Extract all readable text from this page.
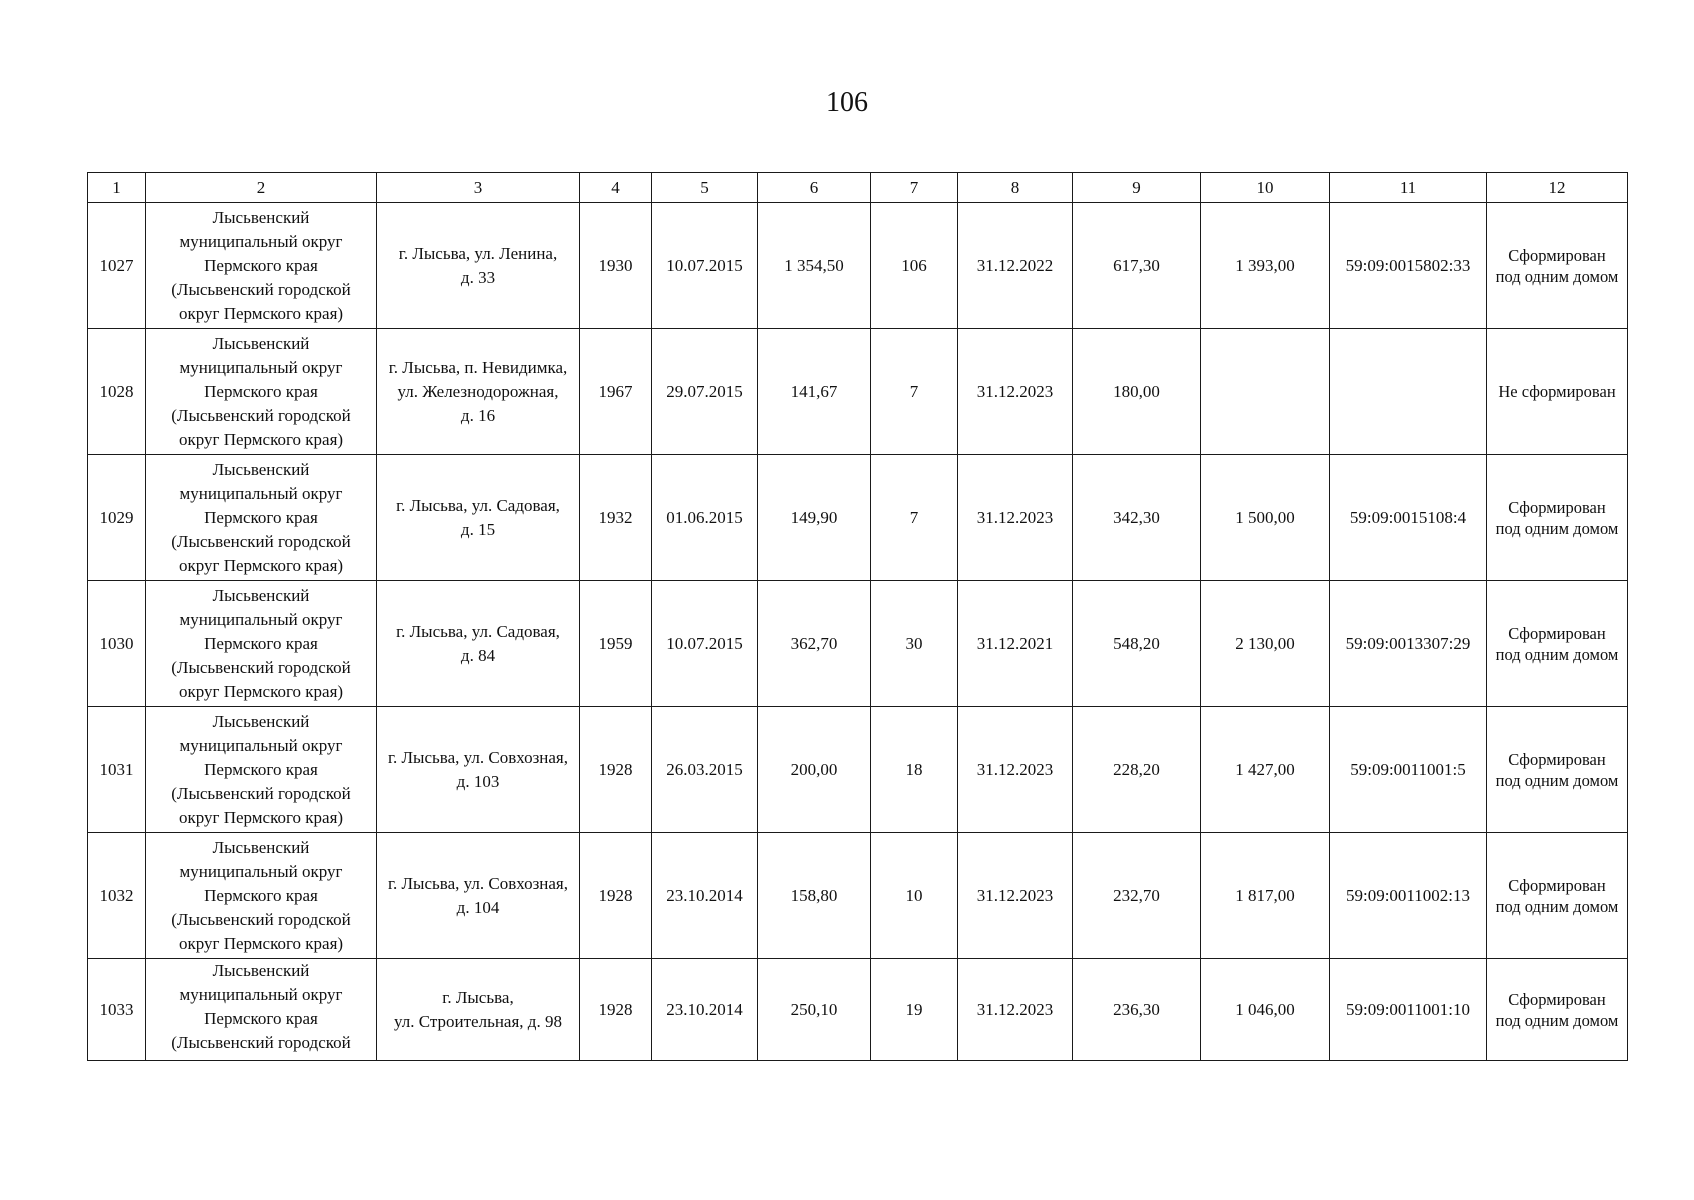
106
1	2	3	4	5	6	7	8	9	10	11	12
1027	Лысьвенский
муниципальный округ
Пермского края
(Лысьвенский городской
округ Пермского края)	г. Лысьва, ул. Ленина,
д. 33	1930	10.07.2015	1 354,50	106	31.12.2022	617,30	1 393,00	59:09:0015802:33	Сформирован
под одним домом
1028	Лысьвенский
муниципальный округ
Пермского края
(Лысьвенский городской
округ Пермского края)	г. Лысьва, п. Невидимка,
ул. Железнодорожная,
д. 16	1967	29.07.2015	141,67	7	31.12.2023	180,00			Не сформирован
1029	Лысьвенский
муниципальный округ
Пермского края
(Лысьвенский городской
округ Пермского края)	г. Лысьва, ул. Садовая,
д. 15	1932	01.06.2015	149,90	7	31.12.2023	342,30	1 500,00	59:09:0015108:4	Сформирован
под одним домом
1030	Лысьвенский
муниципальный округ
Пермского края
(Лысьвенский городской
округ Пермского края)	г. Лысьва, ул. Садовая,
д. 84	1959	10.07.2015	362,70	30	31.12.2021	548,20	2 130,00	59:09:0013307:29	Сформирован
под одним домом
1031	Лысьвенский
муниципальный округ
Пермского края
(Лысьвенский городской
округ Пермского края)	г. Лысьва, ул. Совхозная,
д. 103	1928	26.03.2015	200,00	18	31.12.2023	228,20	1 427,00	59:09:0011001:5	Сформирован
под одним домом
1032	Лысьвенский
муниципальный округ
Пермского края
(Лысьвенский городской
округ Пермского края)	г. Лысьва, ул. Совхозная,
д. 104	1928	23.10.2014	158,80	10	31.12.2023	232,70	1 817,00	59:09:0011002:13	Сформирован
под одним домом
1033	Лысьвенский
муниципальный округ
Пермского края
(Лысьвенский городской	г. Лысьва,
ул. Строительная, д. 98	1928	23.10.2014	250,10	19	31.12.2023	236,30	1 046,00	59:09:0011001:10	Сформирован
под одним домом
